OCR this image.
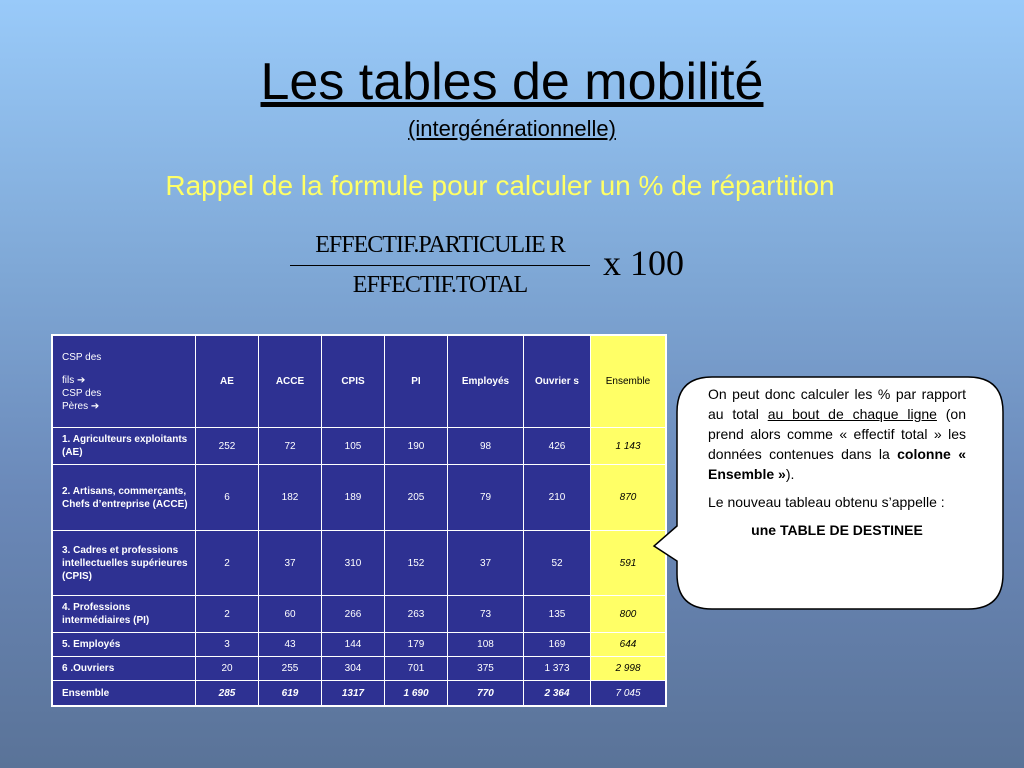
Les tables de mobilité
(intergénérationnelle)
Rappel de la formule pour calculer un % de répartition
EFFECTIF.PARTICULIE R
EFFECTIF.TOTAL
x 100
CSP des
fils ➔
CSP des
Pères ➔	AE	ACCE	CPIS	PI	Employés	Ouvrier s	Ensemble
1. Agriculteurs exploitants (AE)	252	72	105	190	98	426	1 143
2. Artisans, commerçants, Chefs d’entreprise (ACCE)	6	182	189	205	79	210	870
3. Cadres et professions intellectuelles supérieures (CPIS)	2	37	310	152	37	52	591
4. Professions intermédiaires (PI)	2	60	266	263	73	135	800
5. Employés	3	43	144	179	108	169	644
6 .Ouvriers	20	255	304	701	375	1 373	2 998
Ensemble	285	619	1317	1 690	770	2 364	7 045

On peut donc calculer les % par rapport au total au bout de chaque ligne (on prend alors comme « effectif total » les données contenues dans la colonne « Ensemble »).

Le nouveau tableau obtenu s’appelle :

une TABLE DE DESTINEE
